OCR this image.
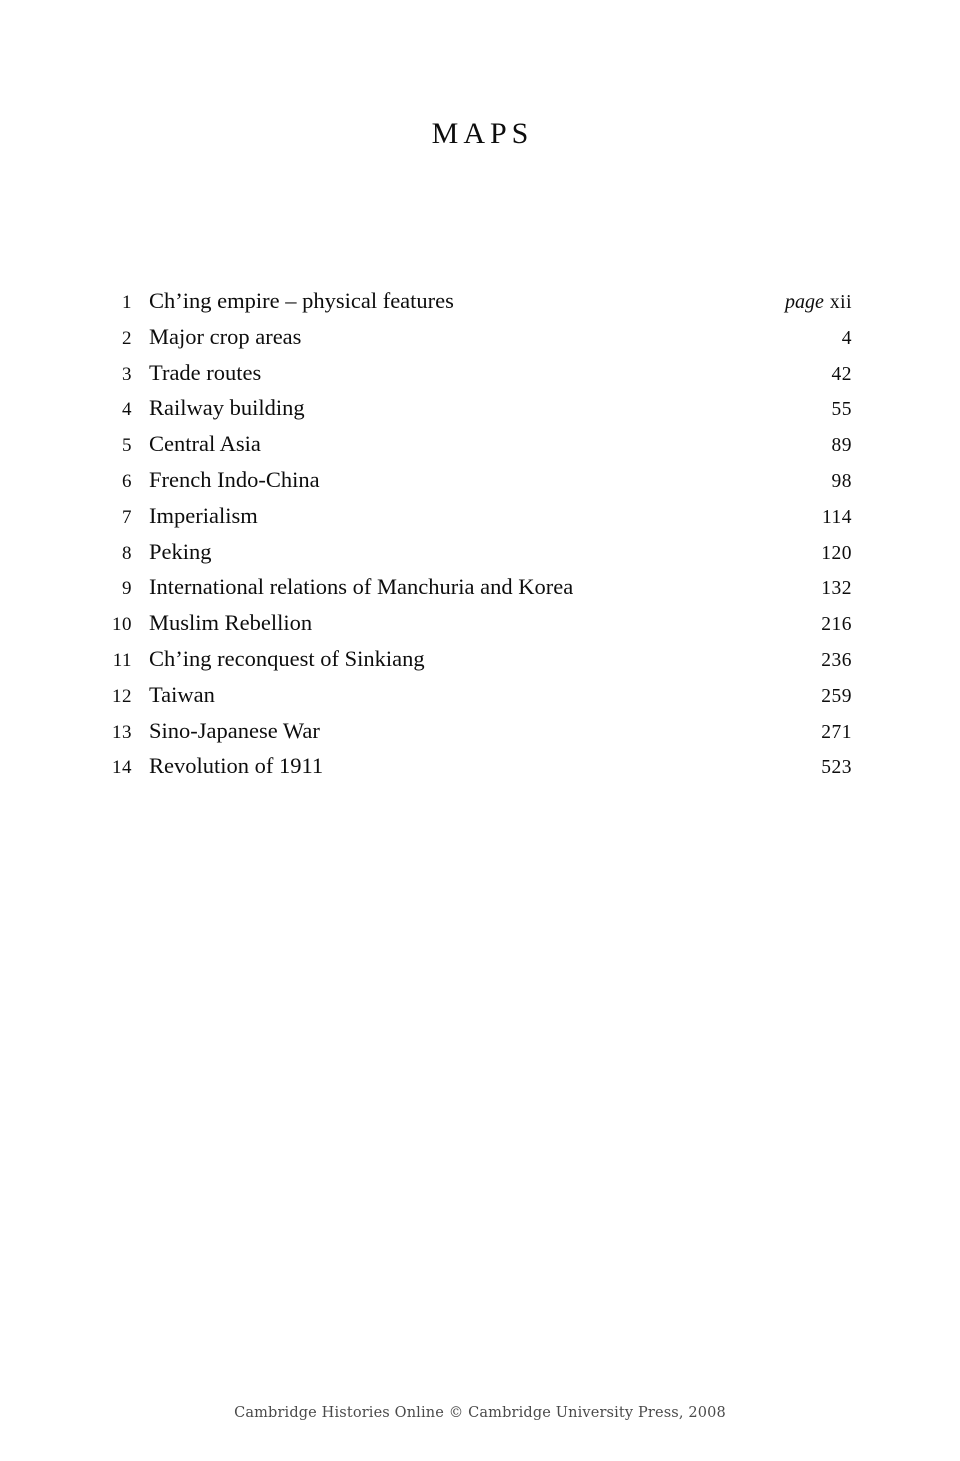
MAPS
1 Ch’ing empire – physical features	page xii
2 Major crop areas	4
3 Trade routes	42
4 Railway building	55
5 Central Asia	89
6 French Indo-China	98
7 Imperialism	114
8 Peking	120
9 International relations of Manchuria and Korea	132
10 Muslim Rebellion	216
11 Ch’ing reconquest of Sinkiang	236
12 Taiwan	259
13 Sino-Japanese War	271
14 Revolution of 1911	523
Cambridge Histories Online © Cambridge University Press, 2008
